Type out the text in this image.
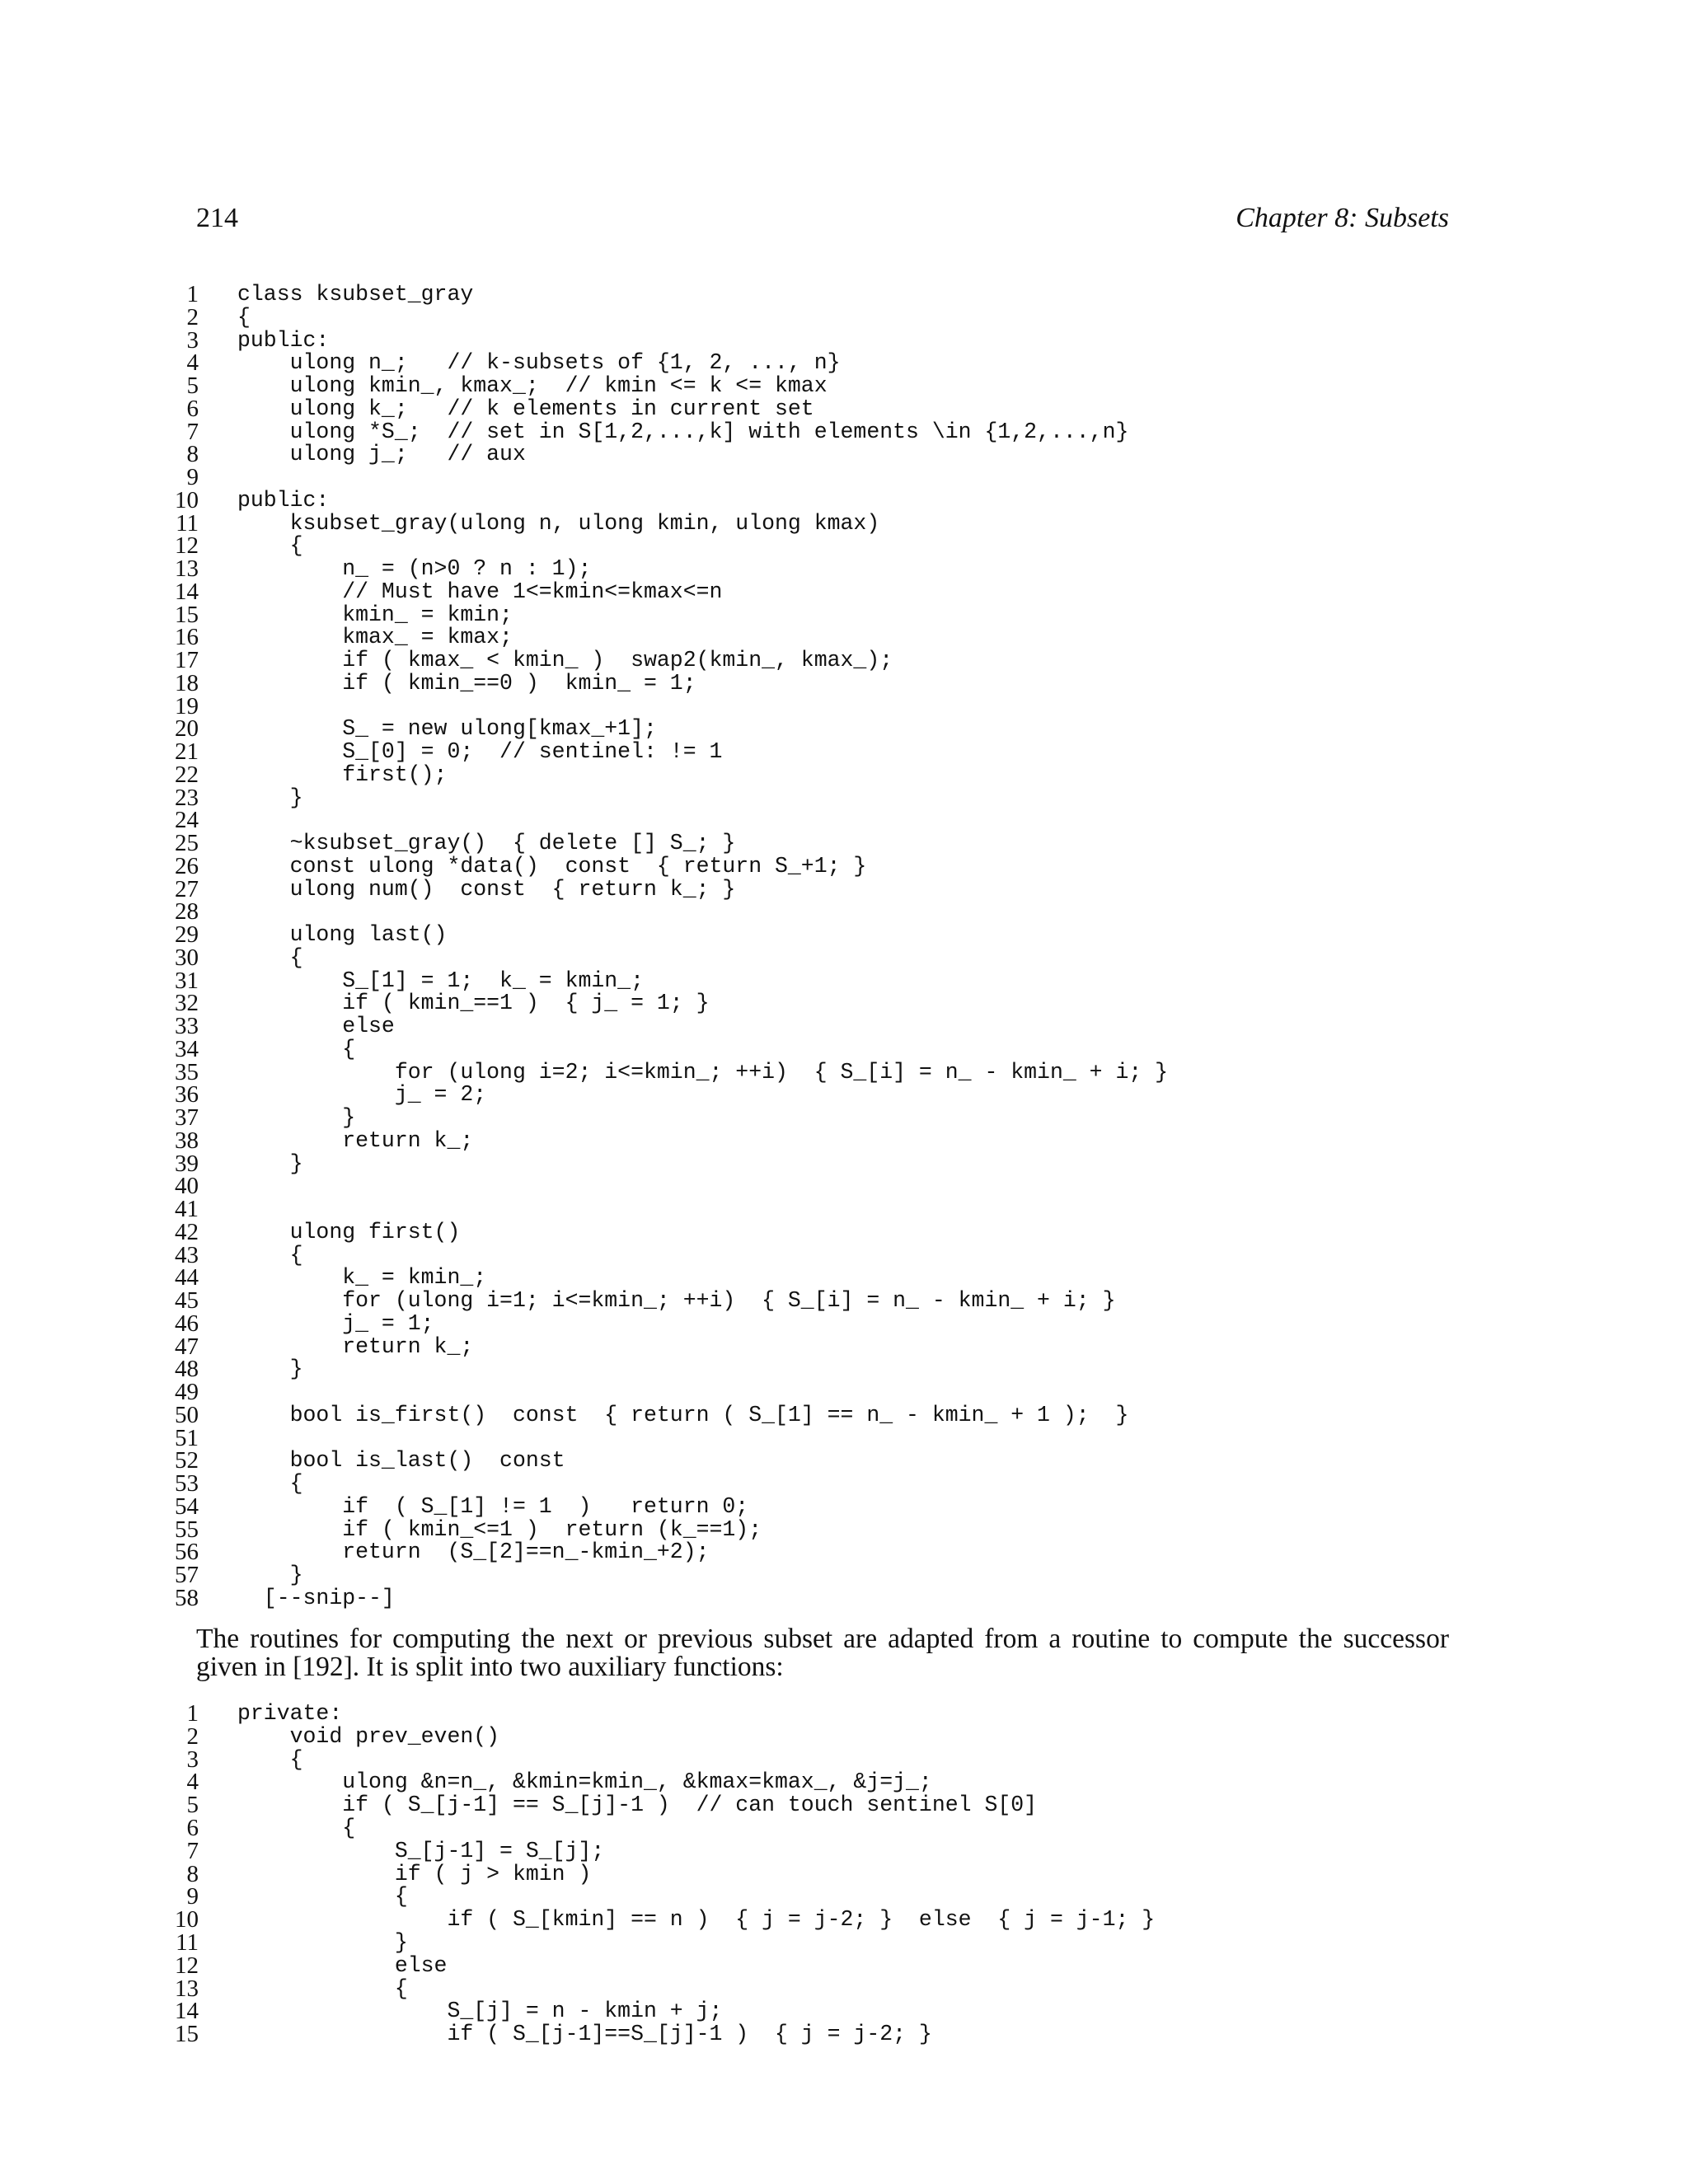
214	Chapter 8: Subsets
1 class ksubset_gray
2 {
3 public:
4 ulong n_;   // k-subsets of {1, 2, ..., n}
5 ulong kmin_, kmax_;  // kmin <= k <= kmax
6 ulong k_;   // k elements in current set
7 ulong *S_;  // set in S[1,2,...,k] with elements \in {1,2,...,n}
8 ulong j_;   // aux
9
10 public:
11 ksubset_gray(ulong n, ulong kmin, ulong kmax)
12 {
13 n_ = (n>0 ? n : 1);
14 // Must have 1<=kmin<=kmax<=n
15 kmin_ = kmin;
16 kmax_ = kmax;
17 if ( kmax_ < kmin_ )  swap2(kmin_, kmax_);
18 if ( kmin_==0 )  kmin_ = 1;
19
20 S_ = new ulong[kmax_+1];
21 S_[0] = 0;  // sentinel: != 1
22 first();
23 }
24
25 ~ksubset_gray()  { delete [] S_; }
26 const ulong *data()  const  { return S_+1; }
27 ulong num()  const  { return k_; }
28
29 ulong last()
30 {
31 S_[1] = 1;  k_ = kmin_;
32 if ( kmin_==1 )  { j_ = 1; }
33 else
34 {
35 for (ulong i=2; i<=kmin_; ++i)  { S_[i] = n_ - kmin_ + i; }
36 j_ = 2;
37 }
38 return k_;
39 }
40
41
42 ulong first()
43 {
44 k_ = kmin_;
45 for (ulong i=1; i<=kmin_; ++i)  { S_[i] = n_ - kmin_ + i; }
46 j_ = 1;
47 return k_;
48 }
49
50 bool is_first()  const  { return ( S_[1] == n_ - kmin_ + 1 );  }
51
52 bool is_last()  const
53 {
54 if  ( S_[1] != 1  )   return 0;
55 if ( kmin_<=1 )  return (k_==1);
56 return  (S_[2]==n_-kmin_+2);
57 }
58 [--snip--]
The routines for computing the next or previous subset are adapted from a routine to compute the successor given in [192]. It is split into two auxiliary functions:
1 private:
2 void prev_even()
3 {
4 ulong &n=n_, &kmin=kmin_, &kmax=kmax_, &j=j_;
5 if ( S_[j-1] == S_[j]-1 )  // can touch sentinel S[0]
6 {
7 S_[j-1] = S_[j];
8 if ( j > kmin )
9 {
10 if ( S_[kmin] == n )  { j = j-2; }  else  { j = j-1; }
11 }
12 else
13 {
14 S_[j] = n - kmin + j;
15 if ( S_[j-1]==S_[j]-1 )  { j = j-2; }
